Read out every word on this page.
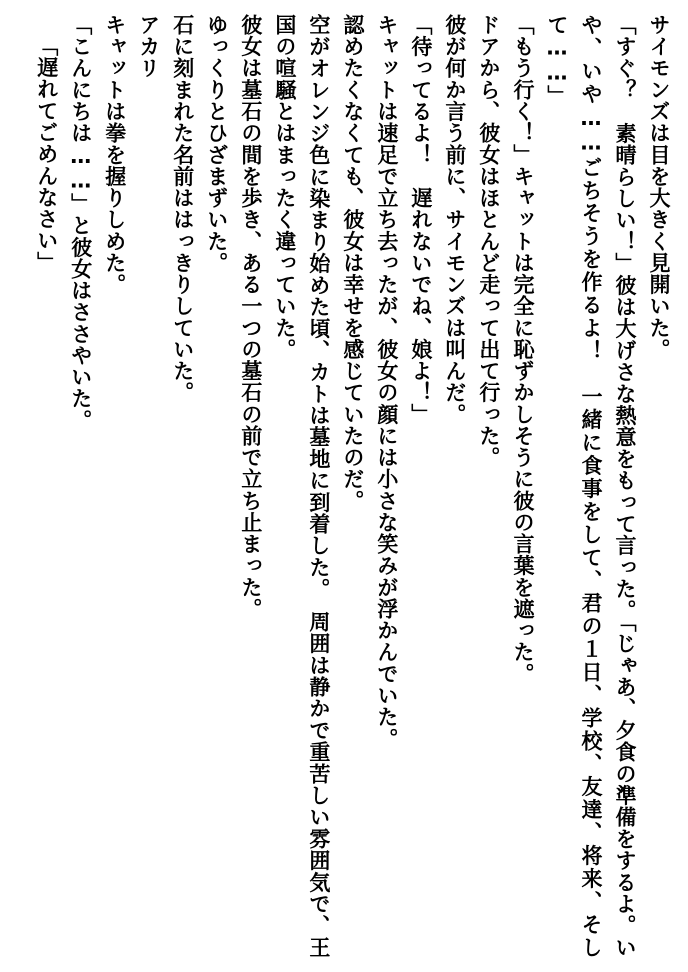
サイモンズは目を大きく見開いた。
「すぐ？　素晴らしい！」彼は大げさな熱意をもって言った。「じゃあ、夕食の準備をするよ。いや、いや……ごちそうを作るよ！　一緒に食事をして、君の１日、学校、友達、将来、そして……」
「もう行く！」キャットは完全に恥ずかしそうに彼の言葉を遮った。
ドアから、彼女はほとんど走って出て行った。
彼が何か言う前に、サイモンズは叫んだ。
「待ってるよ！　遅れないでね、娘よ！」
キャットは速足で立ち去ったが、彼女の顔には小さな笑みが浮かんでいた。
認めたくなくても、彼女は幸せを感じていたのだ。
空がオレンジ色に染まり始めた頃、カトは墓地に到着した。　周囲は静かで重苦しい雰囲気で、王国の喧騒とはまったく違っていた。
彼女は墓石の間を歩き、ある一つの墓石の前で立ち止まった。
ゆっくりとひざまずいた。
石に刻まれた名前ははっきりしていた。
アカリ
キャットは拳を握りしめた。
「こんにちは……」と彼女はささやいた。
「遅れてごめんなさい」
